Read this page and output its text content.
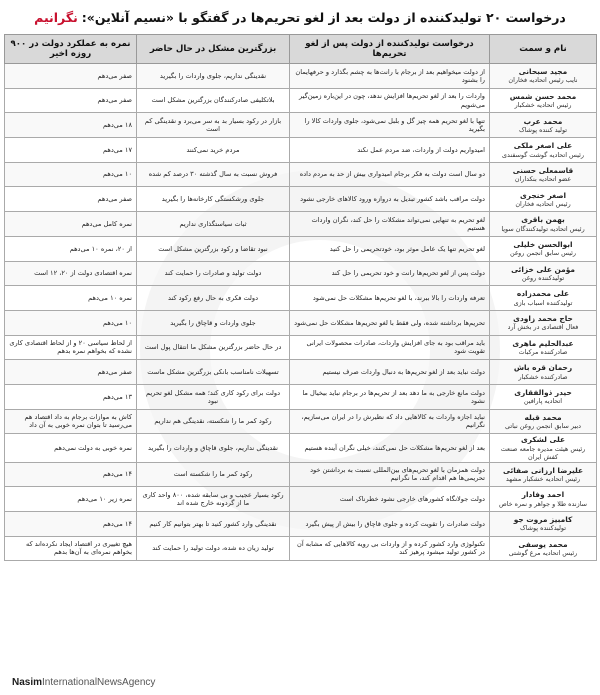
درخواست ۲۰ تولیدکننده از دولت بعد از لغو تحریم‌ها در گفتگو با «نسیم آنلاین»:
نگرانیم
نام و سمت	درخواست تولیدکننده از دولت پس از لغو تحریم‌ها	بزرگترین مشکل در حال حاضر	نمره به عملکرد دولت در ۹۰۰ روزه اخیر

مجید سبحانی
نایب رئیس اتحادیه فخاران	از دولت میخواهیم بعد از برجام با رانت‌ها به چشم بگذارد و حرفهایمان را بشنود	نقدینگی نداریم، جلوی واردات را بگیرید	صفر می‌دهم

محمد حسن شمس
رئیس اتحادیه خشکبار	واردات را بعد از لغو تحریم‌ها افزایش ندهد، چون در این‌باره زمین‌گیر می‌شویم	بلاتکلیفی صادرکنندگان بزرگترین مشکل است	صفر می‌دهم

محمد عرب
تولید کننده پوشاک	تنها با لغو تحریم همه چیز گل و بلبل نمی‌شود، جلوی واردات کالا را بگیرید	بازار در رکود بسیار بد به سر می‌برد و نقدینگی کم است	۱۸ می‌دهم

علی اصغر ملکی
رئیس اتحادیه گوشت گوسفندی	امیدواریم دولت از واردات، ضد مردم عمل نکند	مردم خرید نمی‌کنند	۱۷ می‌دهم

قاسمعلی حسنی
عضو اتحادیه بنکداران	دو سال است دولت به فکر برجام امیدواری بیش از حد به مردم داده	فروش نسبت به سال گذشته ۳۰ درصد کم شده	۱۰ می‌دهم

اصغر خنجری
رئیس اتحادیه فخاران	دولت مراقب باشد کشور تبدیل به دروازه ورود کالاهای خارجی نشود	جلوی ورشکستگی کارخانه‌ها را بگیرید	صفر می‌دهم

بهمن باقری
رئیس اتحادیه تولیدکنندگان سویا	لغو تحریم به تنهایی نمی‌تواند مشکلات را حل کند، نگران واردات هستیم	ثبات سیاستگذاری نداریم	نمره کامل می‌دهم

ابوالحسن خلیلی
رئیس سابق انجمن روغن	لغو تحریم تنها یک عامل موثر بود، خودتحریمی را حل کنید	نبود تقاضا و رکود بزرگترین مشکل است	از ۲۰، نمره ۱۰ می‌دهم

مؤمن علی خزائی
تولیدکننده روغن	دولت پس از لغو تحریم‌ها رانت و خود تحریمی را حل کند	دولت تولید و صادرات را حمایت کند	نمره اقتصادی دولت از ۲۰، ۱۲ است

علی محمدزاده
تولیدکننده اسباب بازی	تعرفه واردات را بالا ببرند، با لغو تحریم‌ها مشکلات حل نمی‌شود	دولت فکری به حال رفع رکود کند	نمره ۱۰ می‌دهم

حاج محمد زاودی
فعال اقتصادی در بخش آرد	تحریم‌ها برداشته شده، ولی فقط با لغو تحریم‌ها مشکلات حل نمی‌شود	جلوی واردات و قاچاق را بگیرید	۱۰ می‌دهم

عبدالحلیم ماهری
صادرکننده مرکبات	باید مراقب بود به جای افزایش واردات، صادرات محصولات ایرانی تقویت شود	در حال حاضر بزرگترین مشکل ما انتقال پول است	از لحاظ سیاسی ۲۰ و از لحاظ اقتصادی کاری نشده که بخواهم نمره بدهم

رحمان قره باش
صادرکننده خشکبار	دولت نباید بعد از لغو تحریم‌ها به دنبال واردات صرف نیستیم	تسهیلات نامناسب بانکی بزرگترین مشکل ماست	صفر می‌دهم

حیدر ذوالفقاری
اتحادیه پارافین	دولت مانع خارجی به ما دهد بعد از تحریم‌ها در برجام نباید بیخیال ما نشود	دولت برای رکود کاری کند؛ همه مشکل لغو تحریم نبود	۱۳ می‌دهم

محمد قبله
دبیر سابق انجمن روغن نباتی	نباید اجازه واردات به کالاهایی داد که نظیرش را در ایران می‌سازیم، نگرانیم	رکود کمر ما را شکسته، نقدینگی هم نداریم	کاش به موازات برجام به داد اقتصاد هم می‌رسید تا بتوان نمره خوبی به آن داد

علی لشکری
رئیس هیئت مدیره جامعه صنعت کفش ایران	بعد از لغو تحریم‌ها مشکلات حل نمی‌کنند، خیلی نگران آینده هستیم	نقدینگی نداریم، جلوی قاچاق و واردات را بگیرید	نمره خوبی به دولت نمی‌دهم

علیرضا ارزانی صفائی
رئیس اتحادیه خشکبار مشهد	دولت همزمان با لغو تحریم‌های بین‌المللی نسبت به برداشتن خود تحریمی‌ها هم اقدام کند، ما نگرانیم	رکود کمر ما را شکسته است	۱۴ می‌دهم

احمد وفادار
سازنده طلا و جواهر و نمره خاص	دولت جولانگاه کشورهای خارجی نشود خطرناک است	رکود بسیار عجیب و بی سابقه شده، ۸۰۰ واحد کاری ما از گردونه خارج شده اند	نمره زیر ۱۰ می‌دهم

کامبیز مروت جو
تولیدکننده پوشاک	دولت صادرات را تقویت کرده و جلوی قاچاق را بیش از پیش بگیرد	نقدینگی وارد کشور کنید تا بهتر بتوانیم کار کنیم	۱۴ می‌دهم

محمد یوسفی
رئیس اتحادیه مرغ گوشتی	تکنولوژی وارد کشور کرده و از واردات بی رویه کالاهایی که مشابه آن در کشور تولید میشود پرهیز کند	تولید زیان ده شده، دولت تولید را حمایت کند	هیچ تغییری در اقتصاد ایجاد نکرده‌اند که بخواهم نمره‌ای به آن‌ها بدهم
NasimInternationalNewsAgency
